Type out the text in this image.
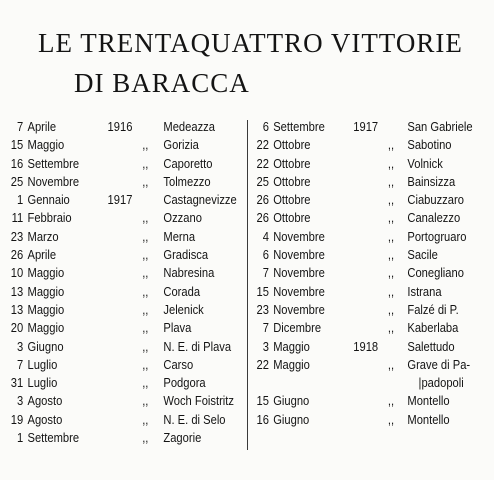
LE TRENTAQUATTRO VITTORIE
DI BARACCA
7 Aprile	1916	Medeazza
15 Maggio	,,	Gorizia
16 Settembre	,,	Caporetto
25 Novembre	,,	Tolmezzo
1 Gennaio	1917	Castagnevizze
11 Febbraio	,,	Ozzano
23 Marzo	,,	Merna
26 Aprile	,,	Gradisca
10 Maggio	,,	Nabresina
13 Maggio	,,	Corada
13 Maggio	,,	Jelenick
20 Maggio	,,	Plava
3 Giugno	,,	N. E. di Plava
7 Luglio	,,	Carso
31 Luglio	,,	Podgora
3 Agosto	,,	Woch Foistritz
19 Agosto	,,	N. E. di Selo
1 Settembre	,,	Zagorie
6 Settembre	1917 San Gabriele
22 Ottobre	,,	Sabotino
22 Ottobre	,,	Volnick
25 Ottobre	,,	Bainsizza
26 Ottobre	,,	Ciabuzzaro
26 Ottobre	,,	Canalezzo
4 Novembre	,,	Portogruaro
6 Novembre	,,	Sacile
7 Novembre	,,	Conegliano
15 Novembre	,,	Istrana
23 Novembre	,,	Falzé di P.
7 Dicembre	,,	Kaberlaba
3 Maggio	1918 Salettudo
22 Maggio	,,	Grave di Pa-
|padopoli
15 Giugno	,,	Montello
16 Giugno	,,	Montello
